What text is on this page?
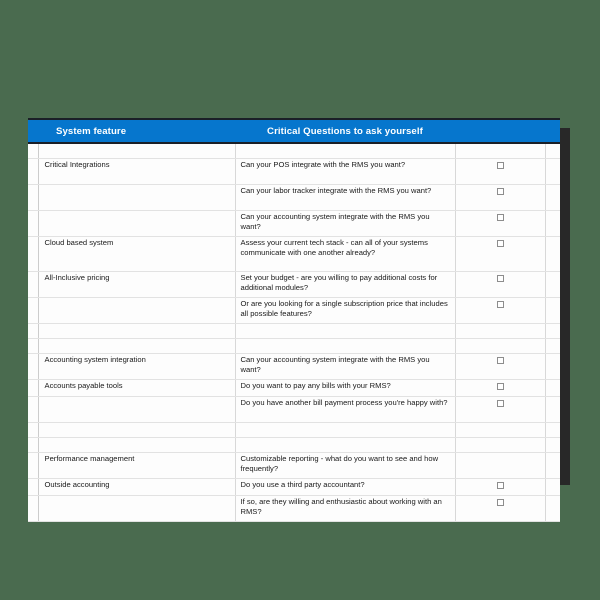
	System feature	Critical Questions to ask yourself		

	Critical Integrations	Can your POS integrate with the RMS you want?		
		Can your labor tracker integrate with the RMS you want?		
		Can your accounting system integrate with the RMS you want?		
	Cloud based system	Assess your current tech stack - can all of your systems communicate with one another already?		
	All-Inclusive pricing	Set your budget - are you willing to pay additional costs for additional modules?		
		Or are you looking for a single subscription price that includes all possible features?		

	Accounting system integration	Can your accounting system integrate with the RMS you want?		
	Accounts payable tools	Do you want to pay any bills with your RMS?		
		Do you have another bill payment process you're happy with?		

	Performance management	Customizable reporting - what do you want to see and how frequently?		
	Outside accounting	Do you use a third party accountant?		
		If so, are they willing and enthusiastic about working with an RMS?		
